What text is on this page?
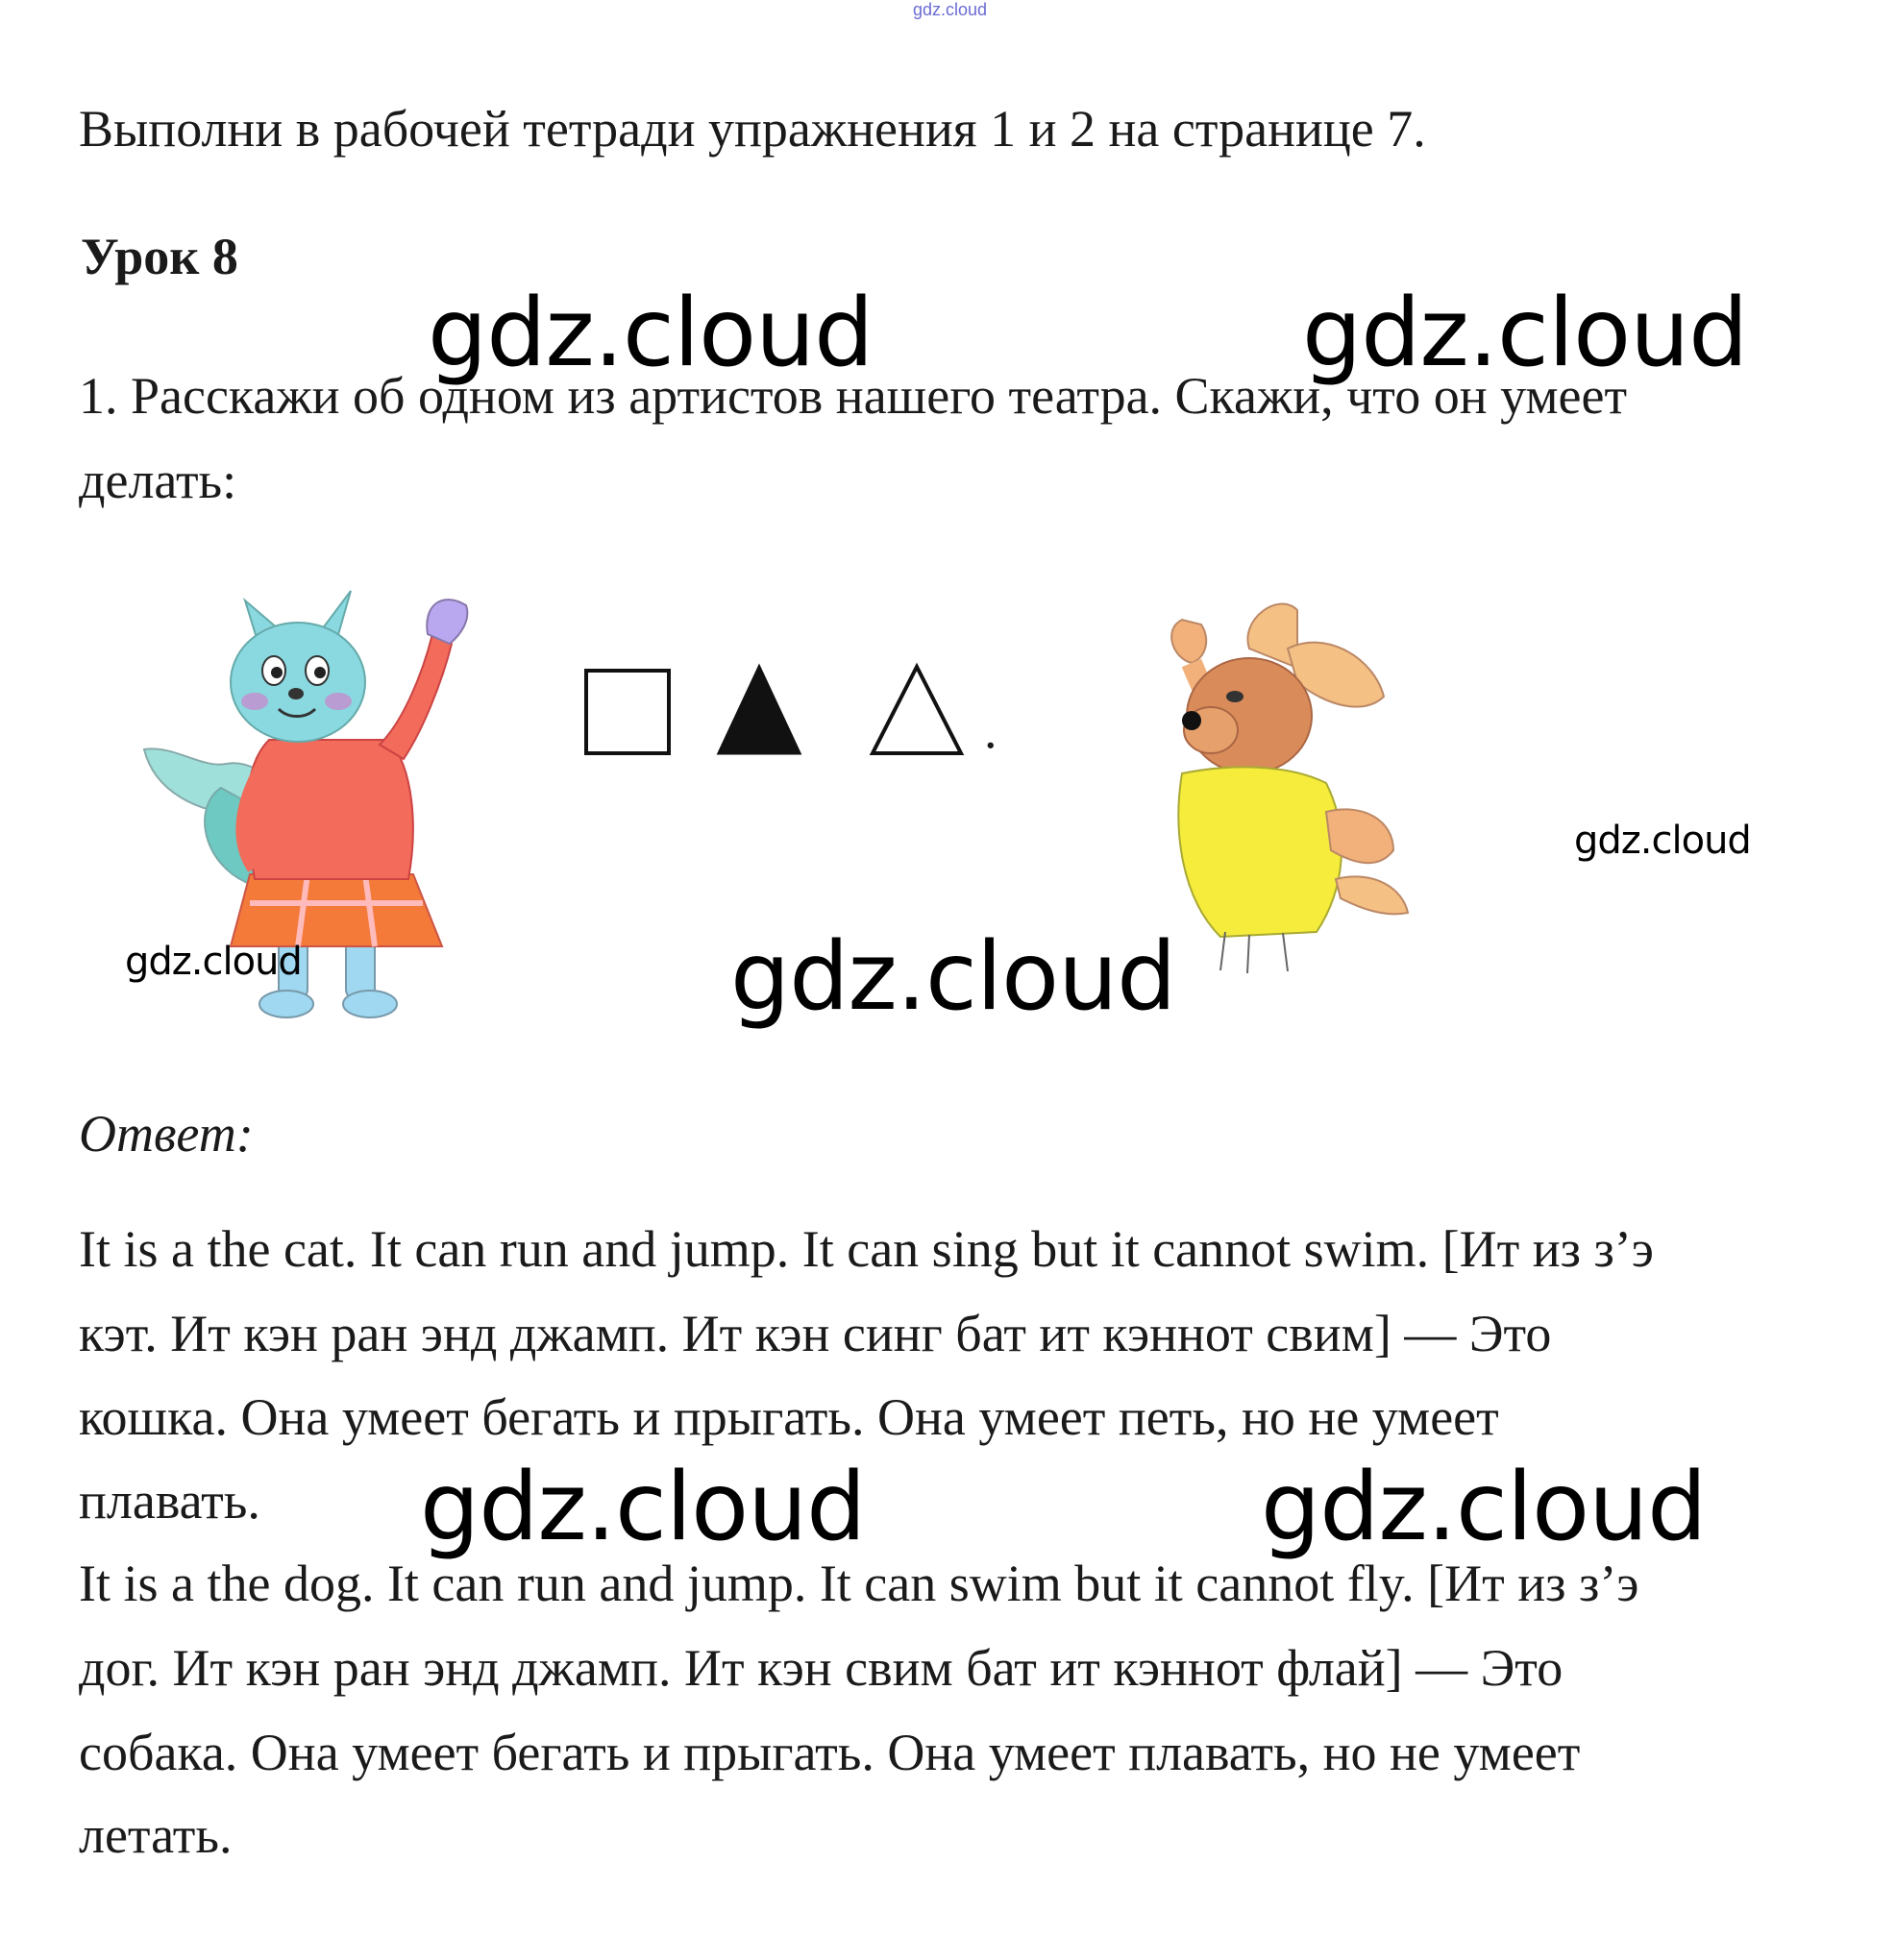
gdz.cloud
Выполни в рабочей тетради упражнения 1 и 2 на странице 7.
Урок 8
1. Расскажи об одном из артистов нашего театра. Скажи, что он умеет
делать:
gdz.cloud	gdz.cloud
gdz.cloud
.
gdz.cloud
gdz.cloud
Ответ:
It is a the cat. It can run and jump. It can sing but it cannot swim. [Ит из з’э
кэт. Ит кэн ран энд джамп. Ит кэн синг бат ит кэннот свим] — Это
кошка. Она умеет бегать и прыгать. Она умеет петь, но не умеет
плавать. gdz.cloud	gdz.cloud
It is a the dog. It can run and jump. It can swim but it cannot fly. [Ит из з’э
дог. Ит кэн ран энд джамп. Ит кэн свим бат ит кэннот флай] — Это
собака. Она умеет бегать и прыгать. Она умеет плавать, но не умеет
летать.
